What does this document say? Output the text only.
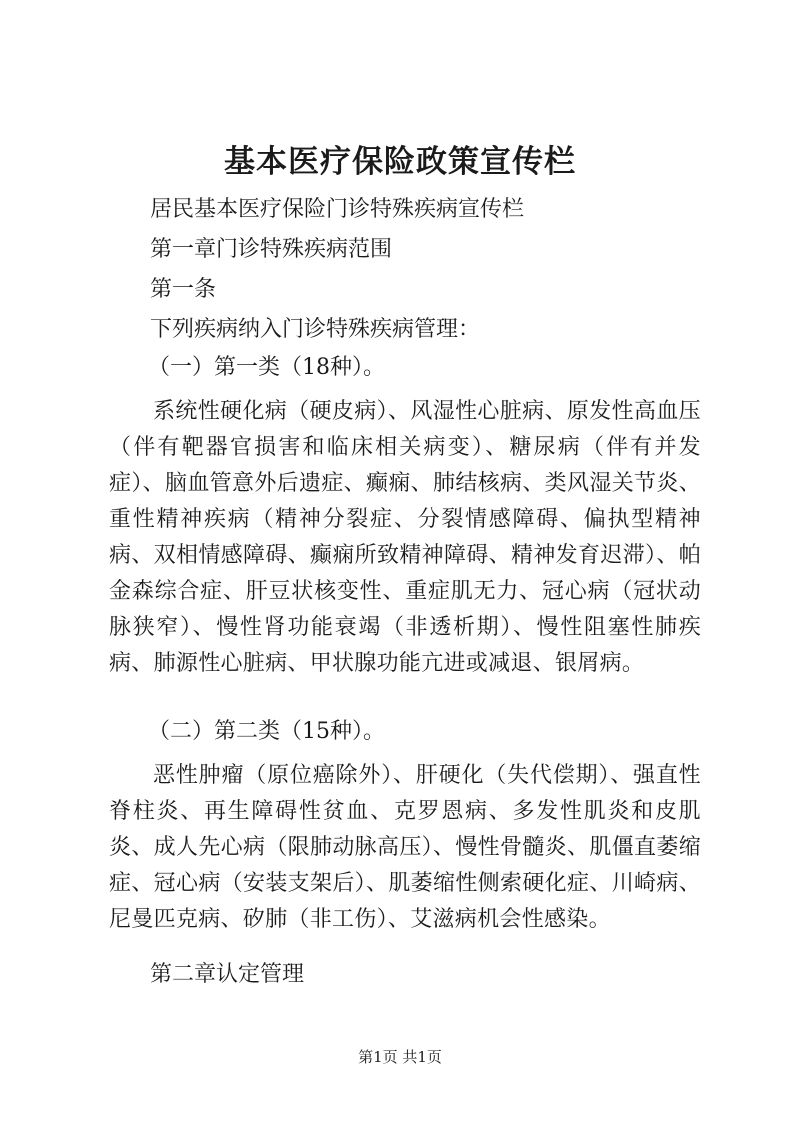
基本医疗保险政策宣传栏
居民基本医疗保险门诊特殊疾病宣传栏
第一章门诊特殊疾病范围
第一条
下列疾病纳入门诊特殊疾病管理：
（一）第一类（18种）。
系统性硬化病（硬皮病）、风湿性心脏病、原发性高血压（伴有靶器官损害和临床相关病变）、糖尿病（伴有并发症）、脑血管意外后遗症、癫痫、肺结核病、类风湿关节炎、重性精神疾病（精神分裂症、分裂情感障碍、偏执型精神病、双相情感障碍、癫痫所致精神障碍、精神发育迟滞）、帕金森综合症、肝豆状核变性、重症肌无力、冠心病（冠状动脉狭窄）、慢性肾功能衰竭（非透析期）、慢性阻塞性肺疾病、肺源性心脏病、甲状腺功能亢进或减退、银屑病。
（二）第二类（15种）。
恶性肿瘤（原位癌除外）、肝硬化（失代偿期）、强直性脊柱炎、再生障碍性贫血、克罗恩病、多发性肌炎和皮肌炎、成人先心病（限肺动脉高压）、慢性骨髓炎、肌僵直萎缩症、冠心病（安装支架后）、肌萎缩性侧索硬化症、川崎病、尼曼匹克病、矽肺（非工伤）、艾滋病机会性感染。
第二章认定管理
第1页 共1页
